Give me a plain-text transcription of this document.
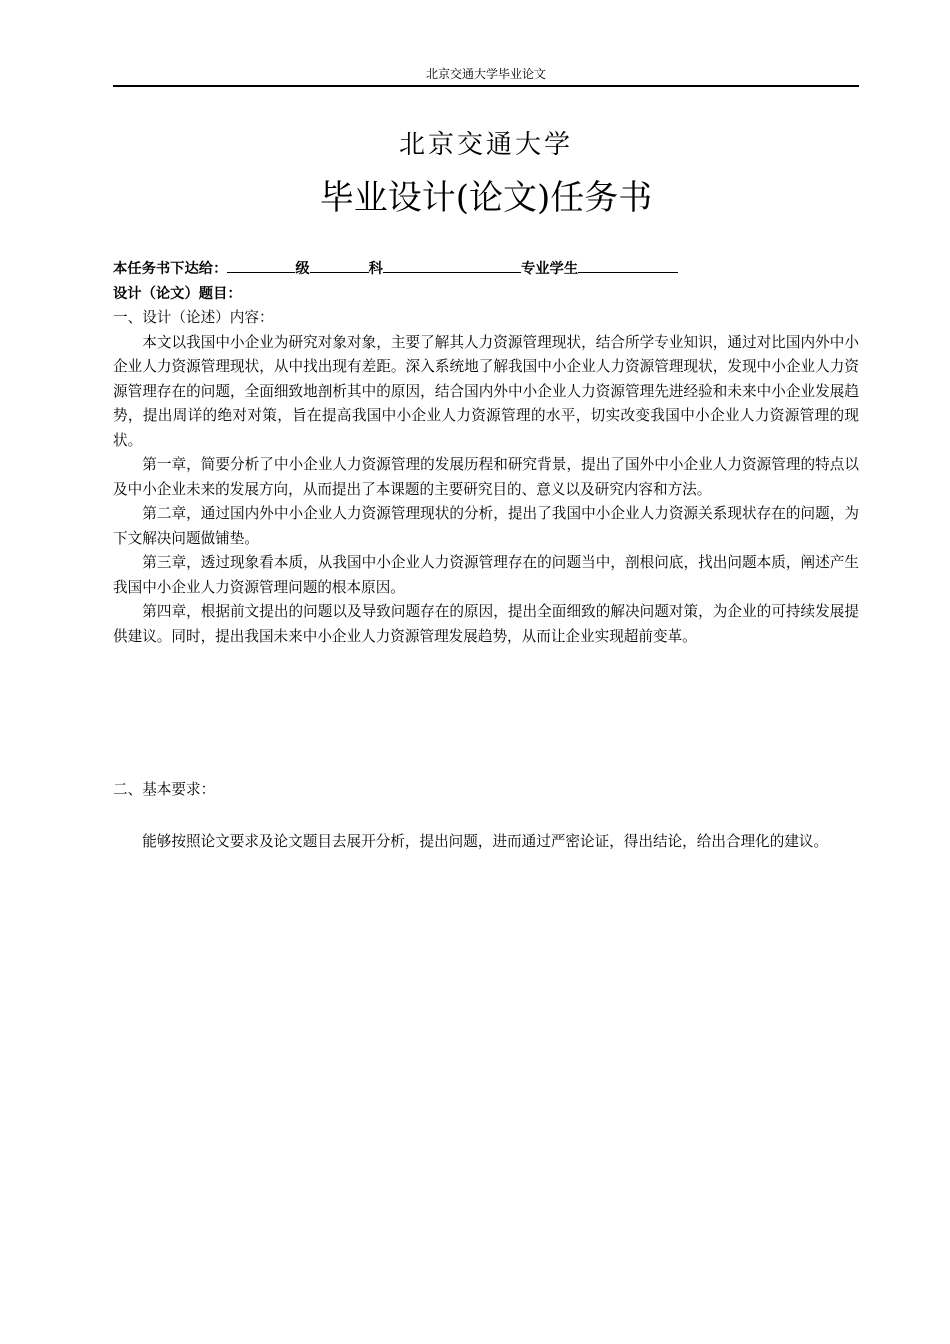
北京交通大学毕业论文
北京交通大学
毕业设计(论文)任务书
本任务书下达给：	级	科	专业学生
设计（论文）题目：

一、设计（论述）内容：

本文以我国中小企业为研究对象对象，主要了解其人力资源管理现状，结合所学专业知识，通过对比国内外中小企业人力资源管理现状，从中找出现有差距。深入系统地了解我国中小企业人力资源管理现状，发现中小企业人力资源管理存在的问题，全面细致地剖析其中的原因，结合国内外中小企业人力资源管理先进经验和未来中小企业发展趋势，提出周详的绝对对策，旨在提高我国中小企业人力资源管理的水平，切实改变我国中小企业人力资源管理的现状。

第一章，简要分析了中小企业人力资源管理的发展历程和研究背景，提出了国外中小企业人力资源管理的特点以及中小企业未来的发展方向，从而提出了本课题的主要研究目的、意义以及研究内容和方法。

第二章，通过国内外中小企业人力资源管理现状的分析，提出了我国中小企业人力资源关系现状存在的问题，为下文解决问题做铺垫。

第三章，透过现象看本质，从我国中小企业人力资源管理存在的问题当中，剖根问底，找出问题本质，阐述产生我国中小企业人力资源管理问题的根本原因。

第四章，根据前文提出的问题以及导致问题存在的原因，提出全面细致的解决问题对策，为企业的可持续发展提供建议。同时，提出我国未来中小企业人力资源管理发展趋势，从而让企业实现超前变革。

二、基本要求：

能够按照论文要求及论文题目去展开分析，提出问题，进而通过严密论证，得出结论，给出合理化的建议。
